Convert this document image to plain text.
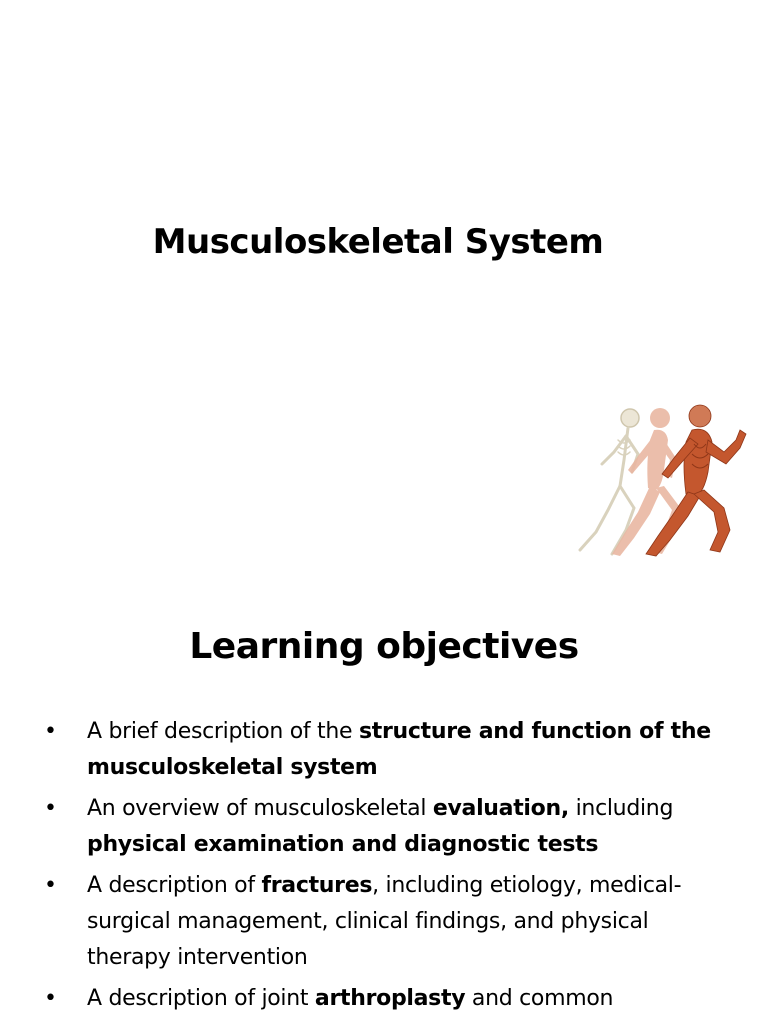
Musculoskeletal System
Learning objectives
• A brief description of the structure and function of the musculoskeletal system
• An overview of musculoskeletal evaluation, including physical examination and diagnostic tests
• A description of fractures, including etiology, medical-surgical management, clinical findings, and physical therapy intervention
• A description of joint arthroplasty and common
